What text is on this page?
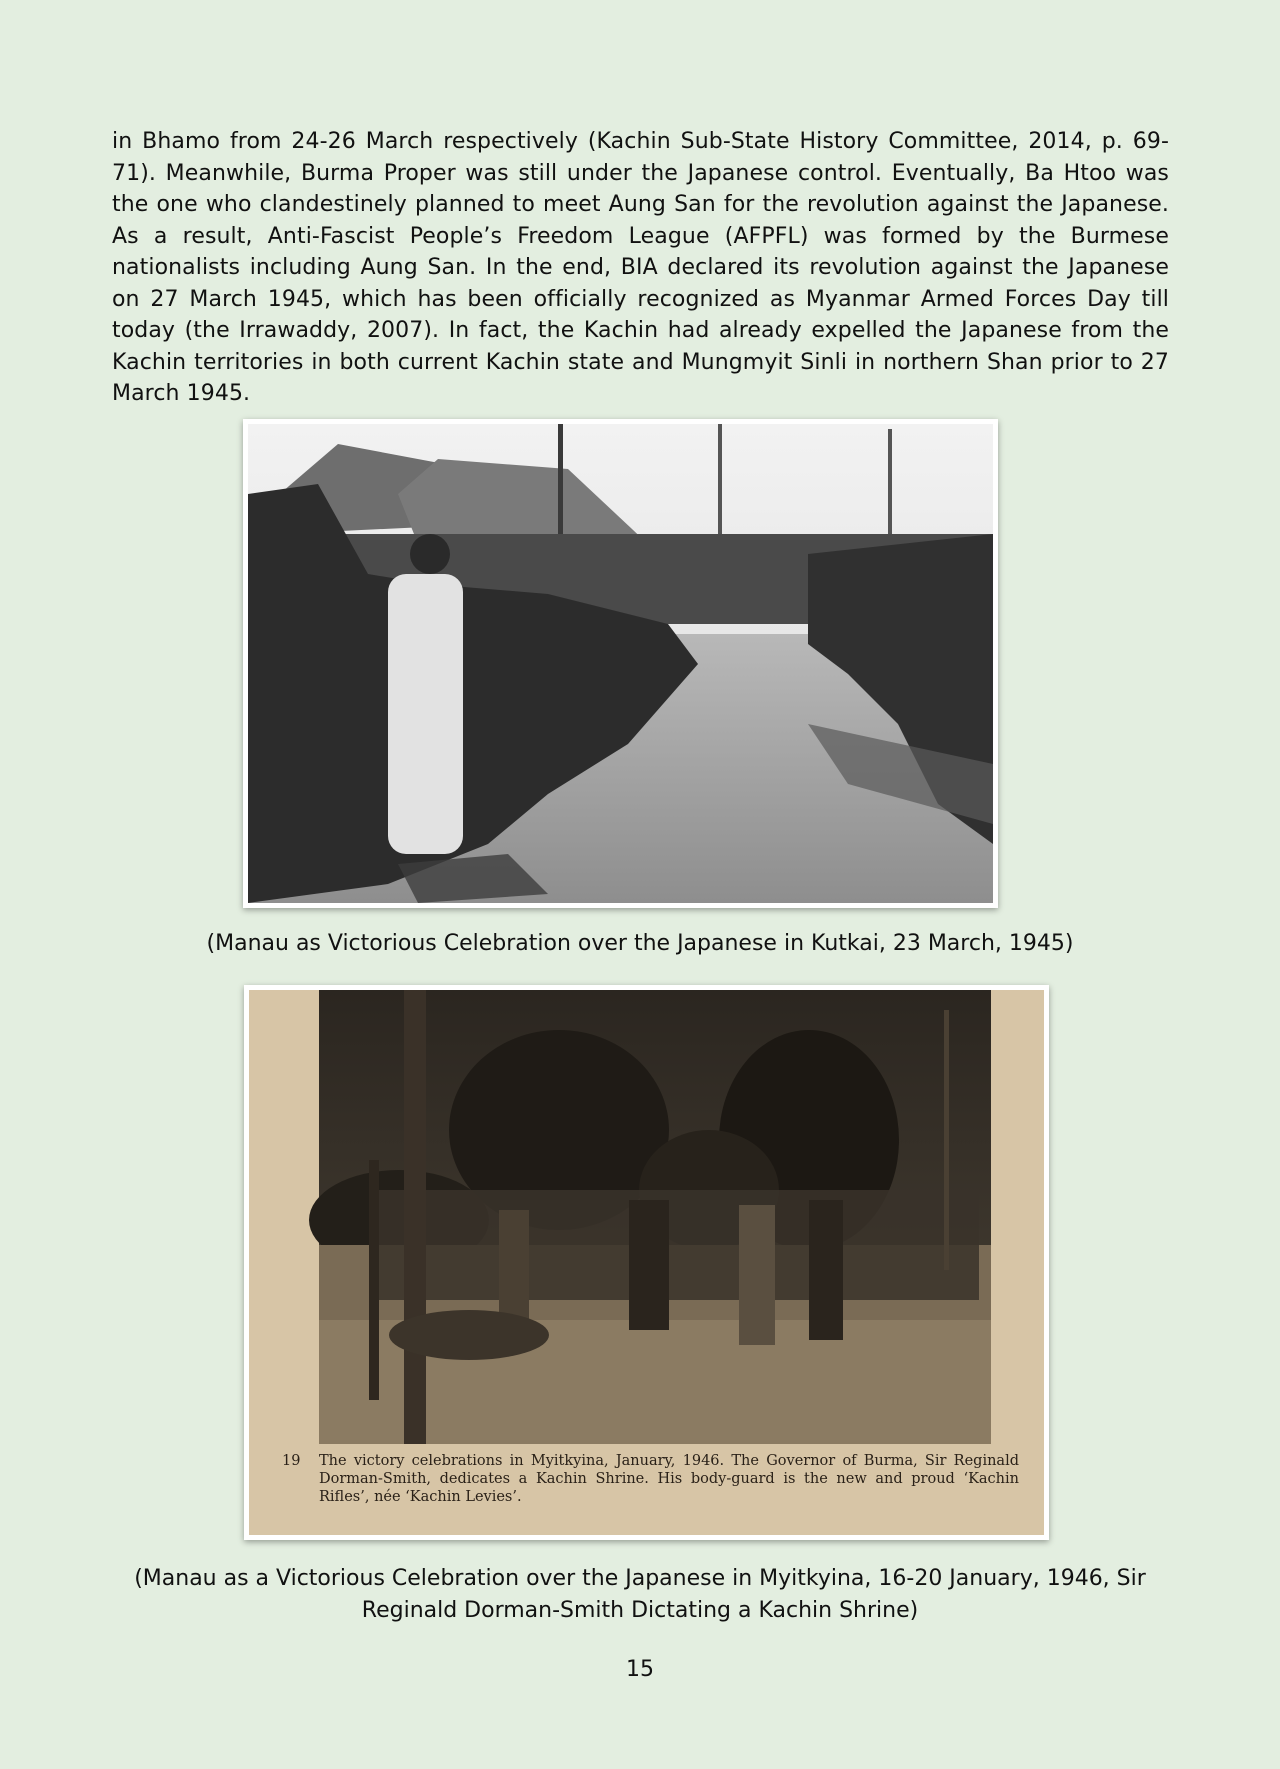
in Bhamo from 24-26 March respectively (Kachin Sub-State History Committee, 2014, p. 69-71). Meanwhile, Burma Proper was still under the Japanese control. Eventually, Ba Htoo was the one who clandestinely planned to meet Aung San for the revolution against the Japanese. As a result, Anti-Fascist People’s Freedom League (AFPFL) was formed by the Burmese nationalists including Aung San. In the end, BIA declared its revolution against the Japanese on 27 March 1945, which has been officially recognized as Myanmar Armed Forces Day till today (the Irrawaddy, 2007). In fact, the Kachin had already expelled the Japanese from the Kachin territories in both current Kachin state and Mungmyit Sinli in northern Shan prior to 27 March 1945.

(Manau as Victorious Celebration over the Japanese in Kutkai, 23 March, 1945)
19 The victory celebrations in Myitkyina, January, 1946. The Governor of Burma, Sir Reginald Dorman-Smith, dedicates a Kachin Shrine. His body-guard is the new and proud ‘Kachin Rifles’, née ‘Kachin Levies’.
(Manau as a Victorious Celebration over the Japanese in Myitkyina, 16-20 January, 1946, Sir Reginald Dorman-Smith Dictating a Kachin Shrine)
15
